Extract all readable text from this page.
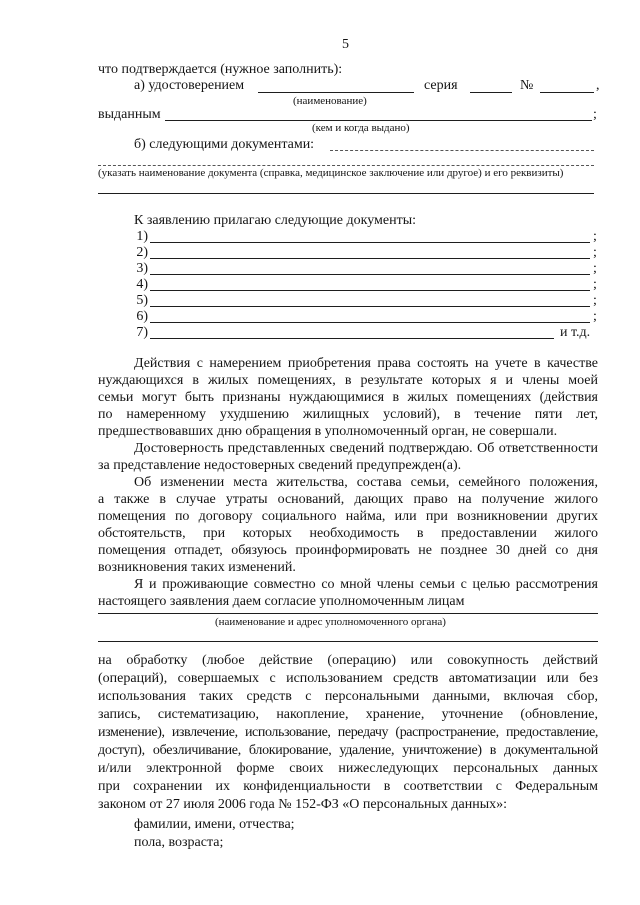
5
что подтверждается (нужное заполнить):
а) удостоверением	серия	№	,
(наименование)
выданным	;
(кем и когда выдано)
б) следующими документами:
(указать наименование документа (справка, медицинское заключение или другое) и его реквизиты)
К заявлению прилагаю следующие документы:
1)	;
2)	;
3)	;
4)	;
5)	;
6)	;
7)	и т.д.
Действия с намерением приобретения права состоять на учете в качестве
нуждающихся в жилых помещениях, в результате которых я и члены моей
семьи могут быть признаны нуждающимися в жилых помещениях (действия
по намеренному ухудшению жилищных условий), в течение пяти лет,
предшествовавших дню обращения в уполномоченный орган, не совершали.
Достоверность представленных сведений подтверждаю. Об ответственности
за представление недостоверных сведений предупрежден(а).
Об изменении места жительства, состава семьи, семейного положения,
а также в случае утраты оснований, дающих право на получение жилого
помещения по договору социального найма, или при возникновении других
обстоятельств, при которых необходимость в предоставлении жилого
помещения отпадет, обязуюсь проинформировать не позднее 30 дней со дня
возникновения таких изменений.
Я и проживающие совместно со мной члены семьи с целью рассмотрения
настоящего заявления даем согласие уполномоченным лицам
(наименование и адрес уполномоченного органа)
на обработку (любое действие (операцию) или совокупность действий
(операций), совершаемых с использованием средств автоматизации или без
использования таких средств с персональными данными, включая сбор,
запись, систематизацию, накопление, хранение, уточнение (обновление,
изменение), извлечение, использование, передачу (распространение, предоставление,
доступ), обезличивание, блокирование, удаление, уничтожение) в документальной
и/или электронной форме своих нижеследующих персональных данных
при сохранении их конфиденциальности в соответствии с Федеральным
законом от 27 июля 2006 года № 152-ФЗ «О персональных данных»:
фамилии, имени, отчества;
пола, возраста;
